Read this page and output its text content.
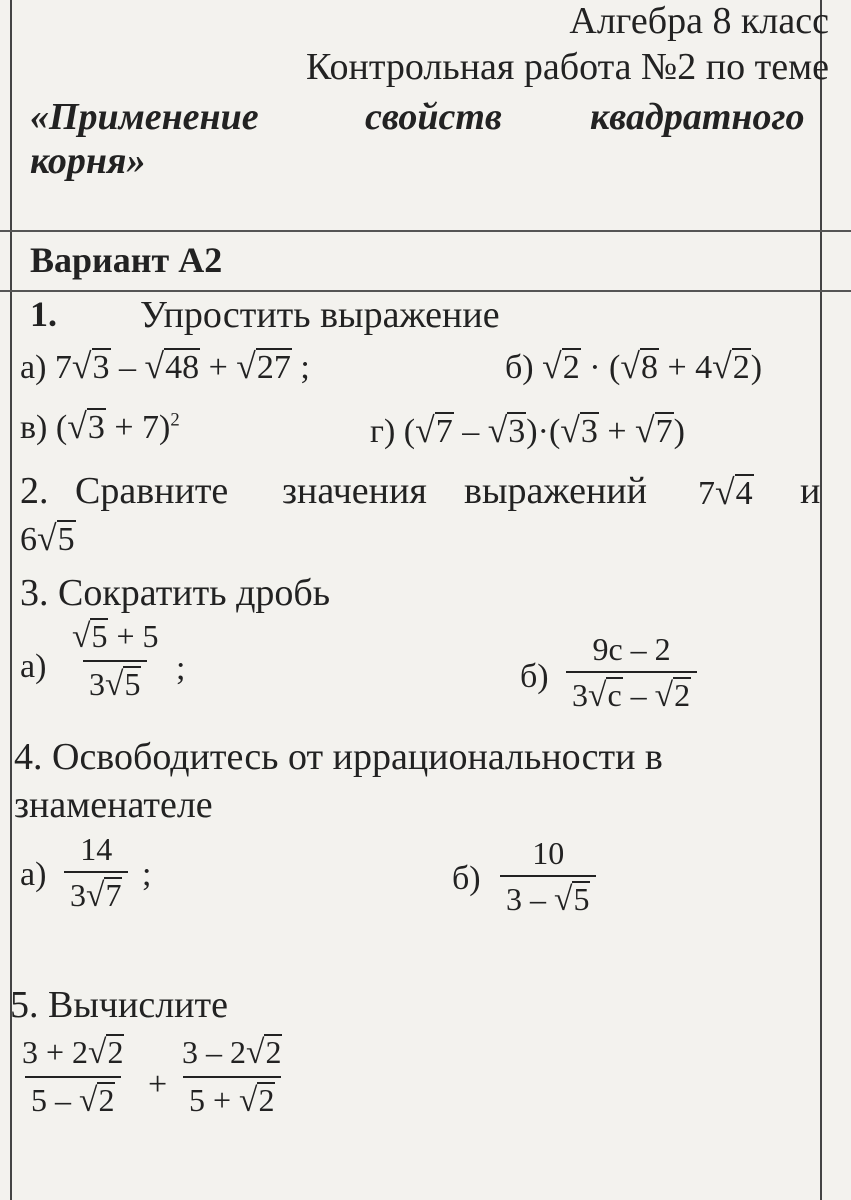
Алгебра 8 класс
Контрольная работа №2 по теме
«Применение	свойств квадратного
корня»
Вариант А2
1. Упростить выражение
а) 7√3 – √48 + √27 ;	б) √2 · (√8 + 4√2)
в) $(√3 + 7)^2$	г) (√7 – √3)·(√3 + √7)
2. Сравните значения выражений 7√4 и
6√5
3. Сократить дробь
$а) \frac{√5 + 5}{3√5}$ ;	$б) \frac{9c - 2}{3√c - √2}$
4. Освободитесь от иррациональности в
знаменателе
$а) \frac{14}{3√7}$ ;	$б) \frac{10}{3 - √5}$
5. Вычислите
$\frac{3 + 2√2}{5 - √2} + \frac{3 - 2√2}{5 + √2}$
